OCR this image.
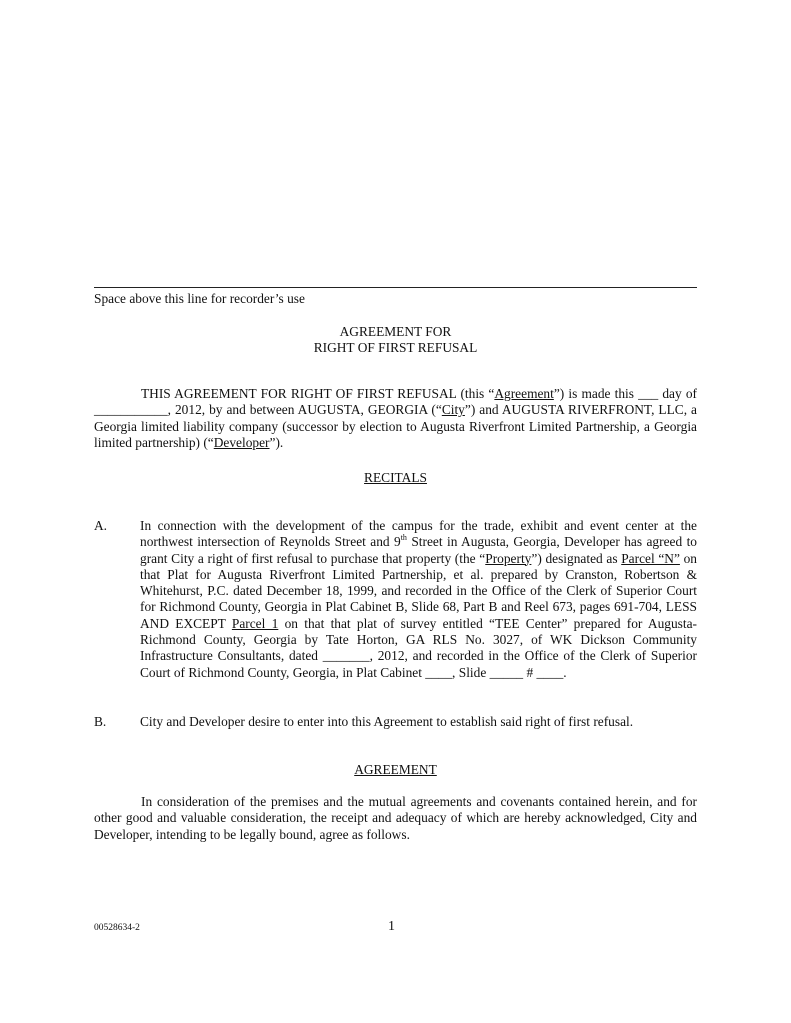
Space above this line for recorder’s use
AGREEMENT FOR
RIGHT OF FIRST REFUSAL
THIS AGREEMENT FOR RIGHT OF FIRST REFUSAL (this “Agreement”) is made this ___ day of ___________, 2012, by and between AUGUSTA, GEORGIA (“City”) and AUGUSTA RIVERFRONT, LLC, a Georgia limited liability company (successor by election to Augusta Riverfront Limited Partnership, a Georgia limited partnership) (“Developer”).
RECITALS
A. In connection with the development of the campus for the trade, exhibit and event center at the northwest intersection of Reynolds Street and 9th Street in Augusta, Georgia, Developer has agreed to grant City a right of first refusal to purchase that property (the “Property”) designated as Parcel “N” on that Plat for Augusta Riverfront Limited Partnership, et al. prepared by Cranston, Robertson & Whitehurst, P.C. dated December 18, 1999, and recorded in the Office of the Clerk of Superior Court for Richmond County, Georgia in Plat Cabinet B, Slide 68, Part B and Reel 673, pages 691-704, LESS AND EXCEPT Parcel 1 on that that plat of survey entitled “TEE Center” prepared for Augusta-Richmond County, Georgia by Tate Horton, GA RLS No. 3027, of WK Dickson Community Infrastructure Consultants, dated _______, 2012, and recorded in the Office of the Clerk of Superior Court of Richmond County, Georgia, in Plat Cabinet ____, Slide _____ # ____.
B.	City and Developer desire to enter into this Agreement to establish said right of first refusal.
AGREEMENT
In consideration of the premises and the mutual agreements and covenants contained herein, and for other good and valuable consideration, the receipt and adequacy of which are hereby acknowledged, City and Developer, intending to be legally bound, agree as follows.
00528634-2	1
